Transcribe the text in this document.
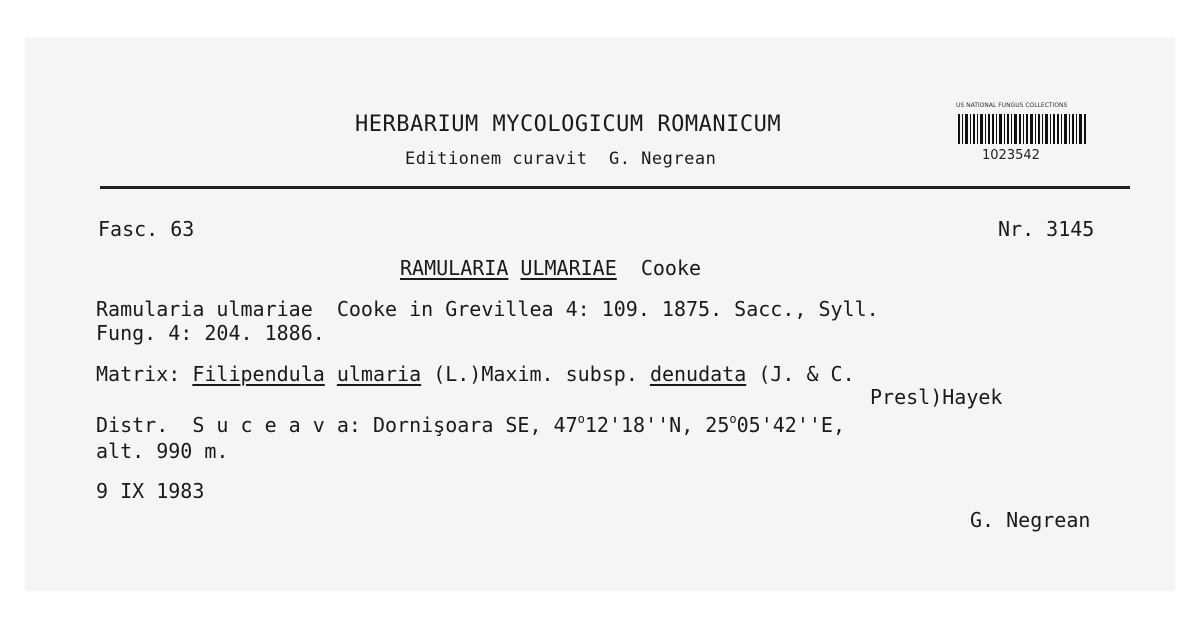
HERBARIUM MYCOLOGICUM ROMANICUM
Editionem curavit  G. Negrean
US NATIONAL FUNGUS COLLECTIONS
1023542
Fasc. 63	Nr. 3145
RAMULARIA ULMARIAE Cooke
Ramularia ulmariae  Cooke in Grevillea 4: 109. 1875. Sacc., Syll.
Fung. 4: 204. 1886.
Matrix: Filipendula ulmaria (L.)Maxim. subsp. denudata (J. & C.
Presl)Hayek
Distr.  S u c e a v a: Dornişoara SE, 47$^o$12'18''N, 25$^o$05'42''E,
alt. 990 m.
9 IX 1983
G. Negrean
